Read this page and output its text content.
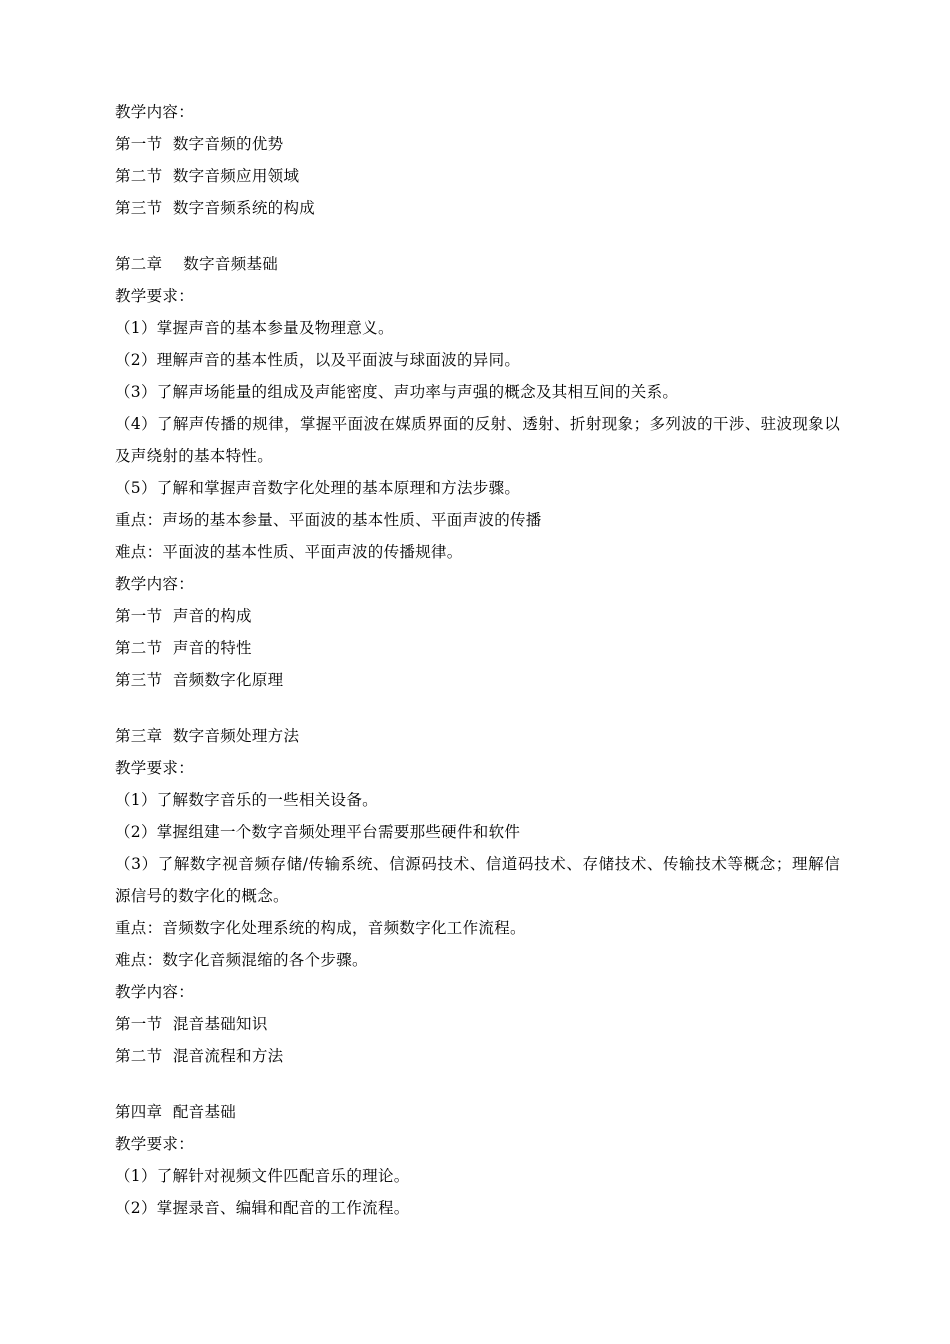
教学内容：
第一节  数字音频的优势
第二节  数字音频应用领域
第三节  数字音频系统的构成
第二章    数字音频基础
教学要求：
（1）掌握声音的基本参量及物理意义。
（2）理解声音的基本性质，以及平面波与球面波的异同。
（3）了解声场能量的组成及声能密度、声功率与声强的概念及其相互间的关系。
（4）了解声传播的规律，掌握平面波在媒质界面的反射、透射、折射现象；多列波的干涉、驻波现象以及声绕射的基本特性。
（5）了解和掌握声音数字化处理的基本原理和方法步骤。
重点：声场的基本参量、平面波的基本性质、平面声波的传播
难点：平面波的基本性质、平面声波的传播规律。
教学内容：
第一节  声音的构成
第二节  声音的特性
第三节  音频数字化原理
第三章  数字音频处理方法
教学要求：
（1）了解数字音乐的一些相关设备。
（2）掌握组建一个数字音频处理平台需要那些硬件和软件
（3）了解数字视音频存储/传输系统、信源码技术、信道码技术、存储技术、传输技术等概念；理解信源信号的数字化的概念。
重点：音频数字化处理系统的构成，音频数字化工作流程。
难点：数字化音频混缩的各个步骤。
教学内容：
第一节  混音基础知识
第二节  混音流程和方法
第四章  配音基础
教学要求：
（1）了解针对视频文件匹配音乐的理论。
（2）掌握录音、编辑和配音的工作流程。
